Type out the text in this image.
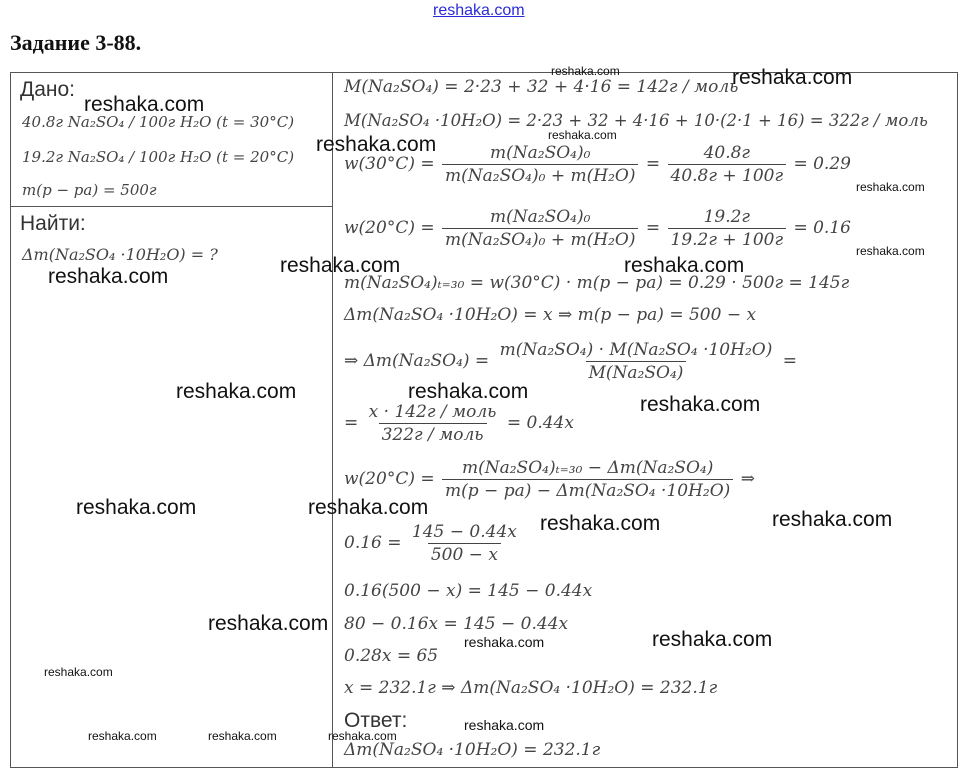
reshaka.com
Задание 3-88.
Дано:
40.8г Na₂SO₄ / 100г H₂O (t = 30°C)
19.2г Na₂SO₄ / 100г H₂O (t = 20°C)
m(p − pa) = 500г
Найти:
Δm(Na₂SO₄ ·10H₂O) = ?
M(Na₂SO₄) = 2·23 + 32 + 4·16 = 142г / моль
M(Na₂SO₄ ·10H₂O) = 2·23 + 32 + 4·16 + 10·(2·1 + 16) = 322г / моль
$w(30^\circ C) = \frac{\text{m(Na₂SO₄)₀}}{\text{m(Na₂SO₄)₀ + m(H₂O)}} = \frac{40.8г}{40.8г + 100г} = 0.29$
$w(20^\circ C) = \frac{\text{m(Na₂SO₄)₀}}{\text{m(Na₂SO₄)₀ + m(H₂O)}} = \frac{19.2г}{19.2г + 100г} = 0.16$
m(Na₂SO₄)ₜ₌₃₀ = w(30°C) · m(p − pa) = 0.29 · 500г = 145г
Δm(Na₂SO₄ ·10H₂O) = x ⇒ m(p − pa) = 500 − x
⇒ $\Delta m(Na_2SO_4) = \frac{\text{m(Na₂SO₄) · M(Na₂SO₄ ·10H₂O)}}{\text{M(Na₂SO₄)}}$ =
= $\frac{\text{x · 142г / моль}}{\text{322г / моль}} = 0.44x$
$w(20^\circ C) = \frac{\text{m(Na₂SO₄)ₜ₌₃₀ − Δm(Na₂SO₄)}}{\text{m(p − pa) − Δm(Na₂SO₄ ·10H₂O)}}$ ⇒
$0.16 = \frac{145 - 0.44x}{500 - x}$
0.16(500 − x) = 145 − 0.44x
80 − 0.16x = 145 − 0.44x
0.28x = 65
x = 232.1г ⇒ Δm(Na₂SO₄ ·10H₂O) = 232.1г
Ответ:
Δm(Na₂SO₄ ·10H₂O) = 232.1г
reshaka.com	reshaka.com
reshaka.com
reshaka.com
reshaka.com
reshaka.com
reshaka.com
reshaka.com	reshaka.com
reshaka.com
reshaka.com	reshaka.com
reshaka.com
reshaka.com	reshaka.com
reshaka.com
reshaka.com
reshaka.com
reshaka.com	reshaka.com
reshaka.com
reshaka.com
reshaka.com	reshaka.com	reshaka.com
